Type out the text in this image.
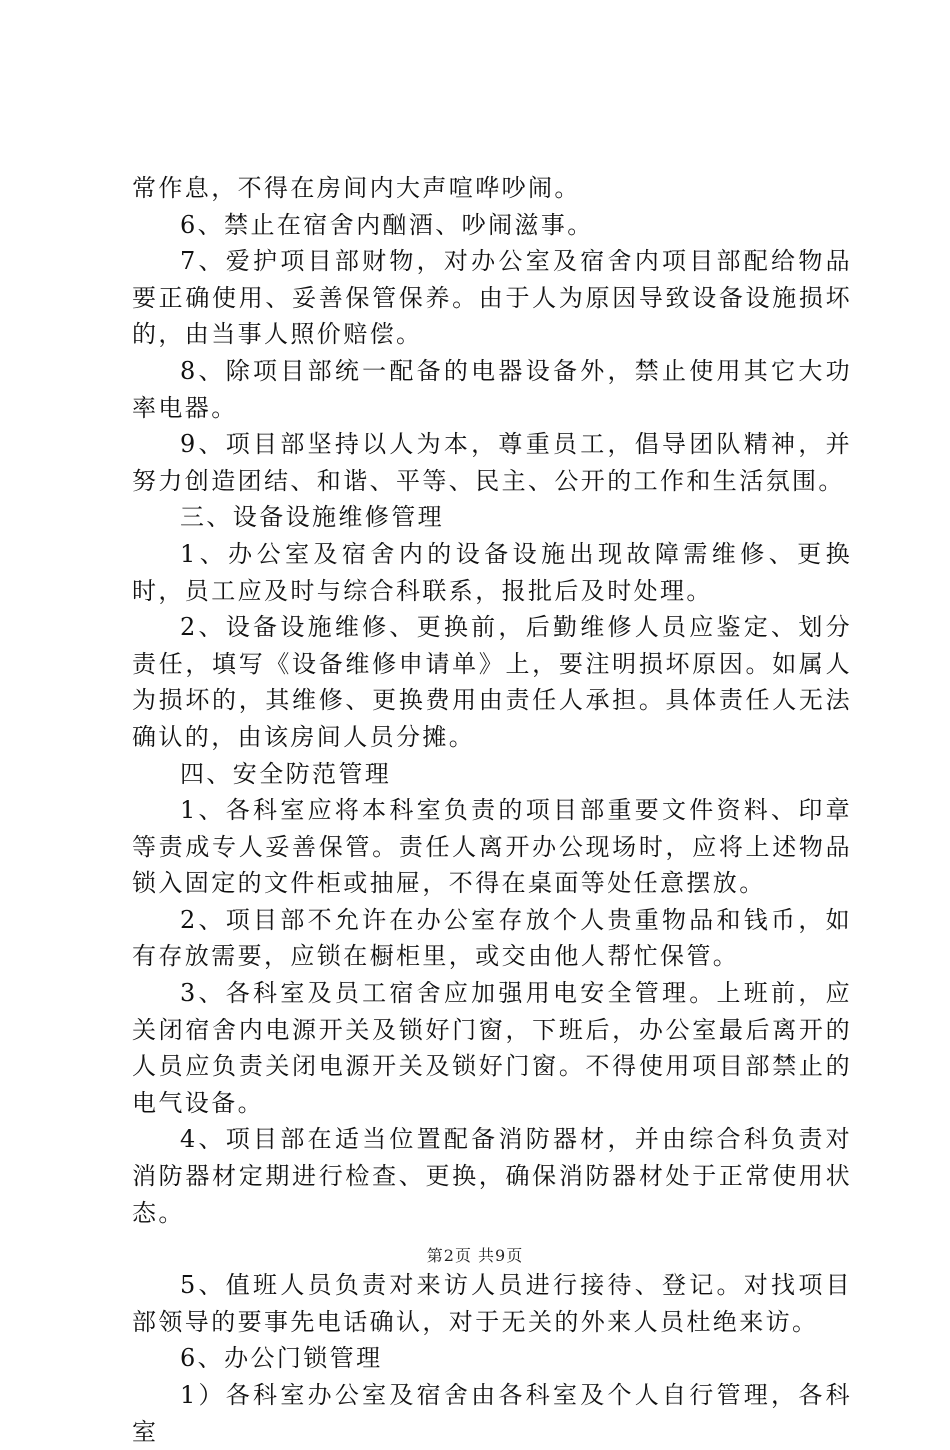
常作息，不得在房间内大声喧哗吵闹。

6、禁止在宿舍内酗酒、吵闹滋事。

7、爱护项目部财物，对办公室及宿舍内项目部配给物品要正确使用、妥善保管保养。由于人为原因导致设备设施损坏的，由当事人照价赔偿。

8、除项目部统一配备的电器设备外，禁止使用其它大功率电器。

9、项目部坚持以人为本，尊重员工，倡导团队精神，并努力创造团结、和谐、平等、民主、公开的工作和生活氛围。

三、设备设施维修管理

1、办公室及宿舍内的设备设施出现故障需维修、更换时，员工应及时与综合科联系，报批后及时处理。

2、设备设施维修、更换前，后勤维修人员应鉴定、划分责任，填写《设备维修申请单》上，要注明损坏原因。如属人为损坏的，其维修、更换费用由责任人承担。具体责任人无法确认的，由该房间人员分摊。

四、安全防范管理

1、各科室应将本科室负责的项目部重要文件资料、印章等责成专人妥善保管。责任人离开办公现场时，应将上述物品锁入固定的文件柜或抽屉，不得在桌面等处任意摆放。

2、项目部不允许在办公室存放个人贵重物品和钱币，如有存放需要，应锁在橱柜里，或交由他人帮忙保管。

3、各科室及员工宿舍应加强用电安全管理。上班前，应关闭宿舍内电源开关及锁好门窗，下班后，办公室最后离开的人员应负责关闭电源开关及锁好门窗。不得使用项目部禁止的电气设备。

4、项目部在适当位置配备消防器材，并由综合科负责对消防器材定期进行检查、更换，确保消防器材处于正常使用状态。

5、值班人员负责对来访人员进行接待、登记。对找项目部领导的要事先电话确认，对于无关的外来人员杜绝来访。

6、办公门锁管理

1）各科室办公室及宿舍由各科室及个人自行管理，各科室

第2页 共9页
